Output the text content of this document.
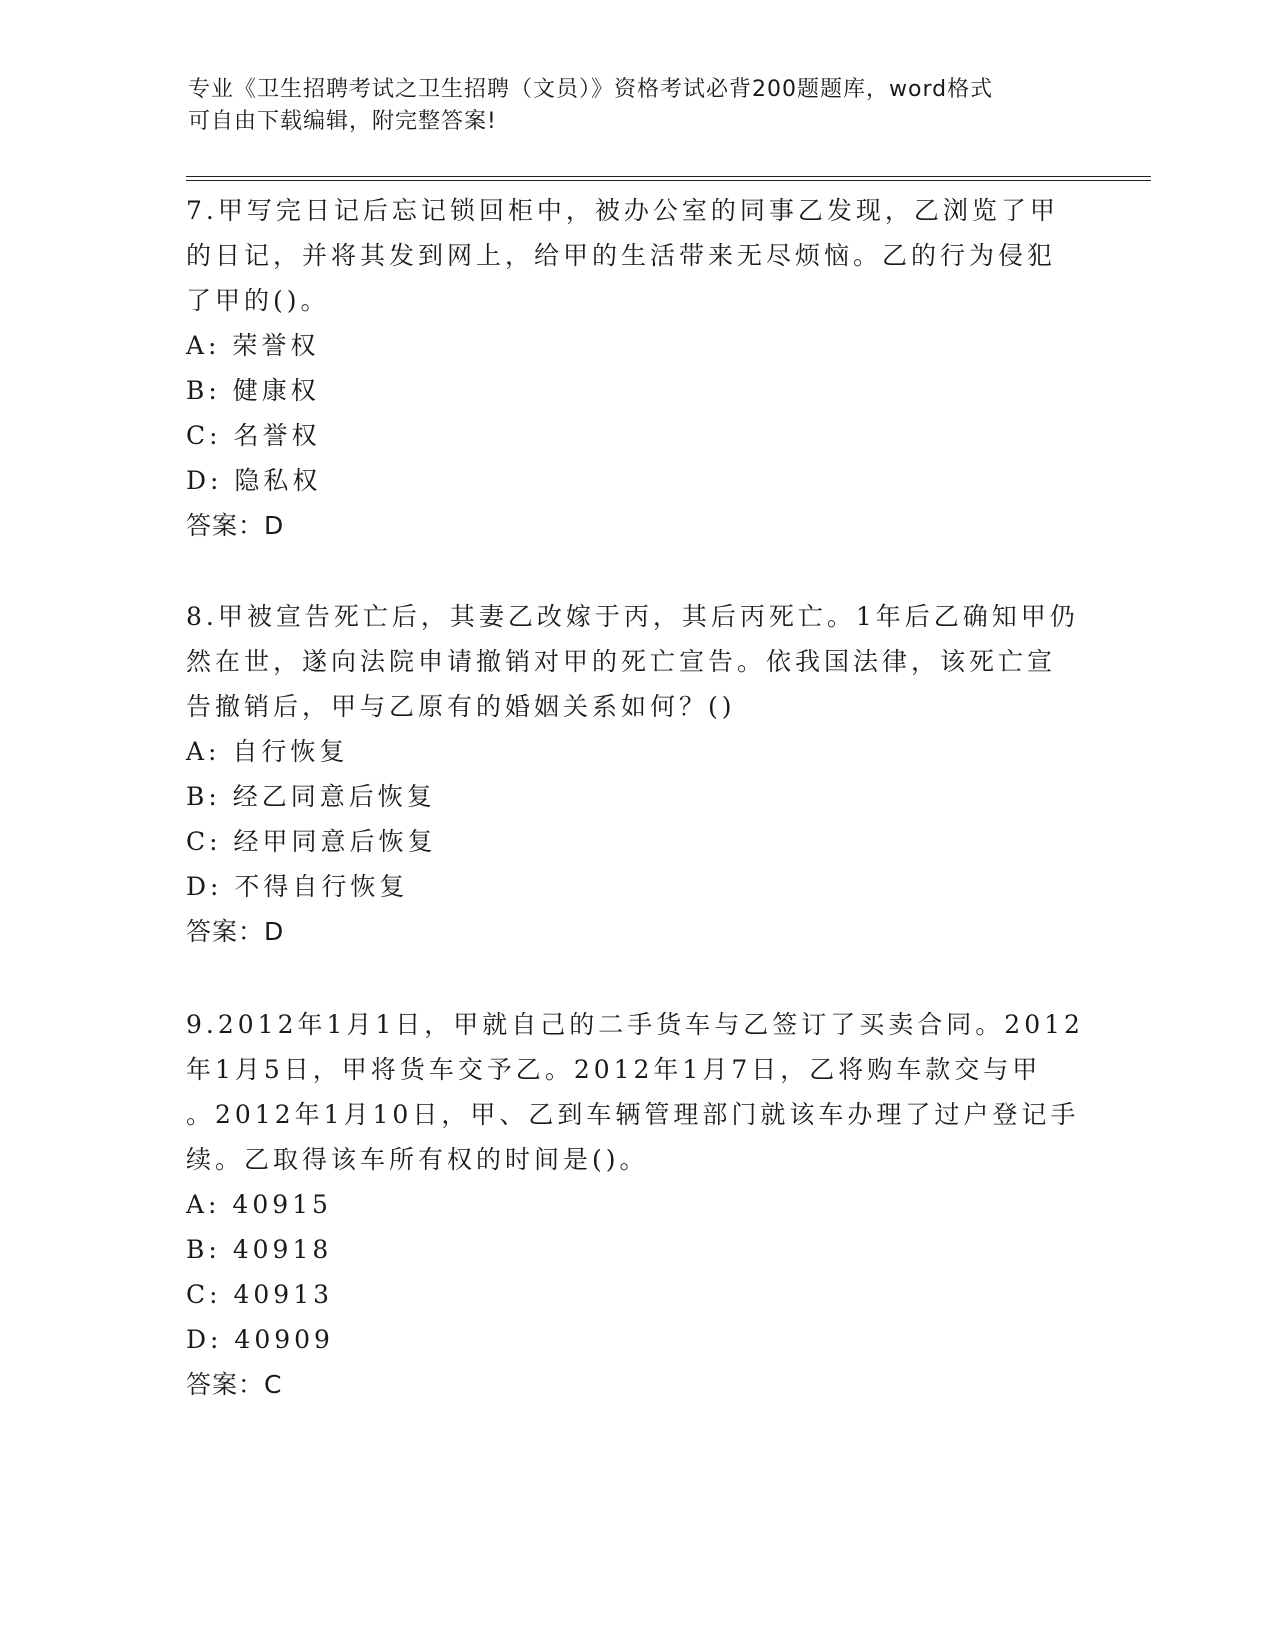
专业《卫生招聘考试之卫生招聘（文员）》资格考试必背200题题库，word格式
可自由下载编辑，附完整答案!

7.甲写完日记后忘记锁回柜中，被办公室的同事乙发现，乙浏览了甲

的日记，并将其发到网上，给甲的生活带来无尽烦恼。乙的行为侵犯

了甲的()。

A: 荣誉权

B: 健康权

C: 名誉权

D: 隐私权

答案：D

8.甲被宣告死亡后，其妻乙改嫁于丙，其后丙死亡。1年后乙确知甲仍

然在世，遂向法院申请撤销对甲的死亡宣告。依我国法律，该死亡宣

告撤销后，甲与乙原有的婚姻关系如何？()

A: 自行恢复

B: 经乙同意后恢复

C: 经甲同意后恢复

D: 不得自行恢复

答案：D

9.2012年1月1日，甲就自己的二手货车与乙签订了买卖合同。2012

年1月5日，甲将货车交予乙。2012年1月7日，乙将购车款交与甲

。2012年1月10日，甲、乙到车辆管理部门就该车办理了过户登记手

续。乙取得该车所有权的时间是()。

A: 40915

B: 40918

C: 40913

D: 40909

答案：C
